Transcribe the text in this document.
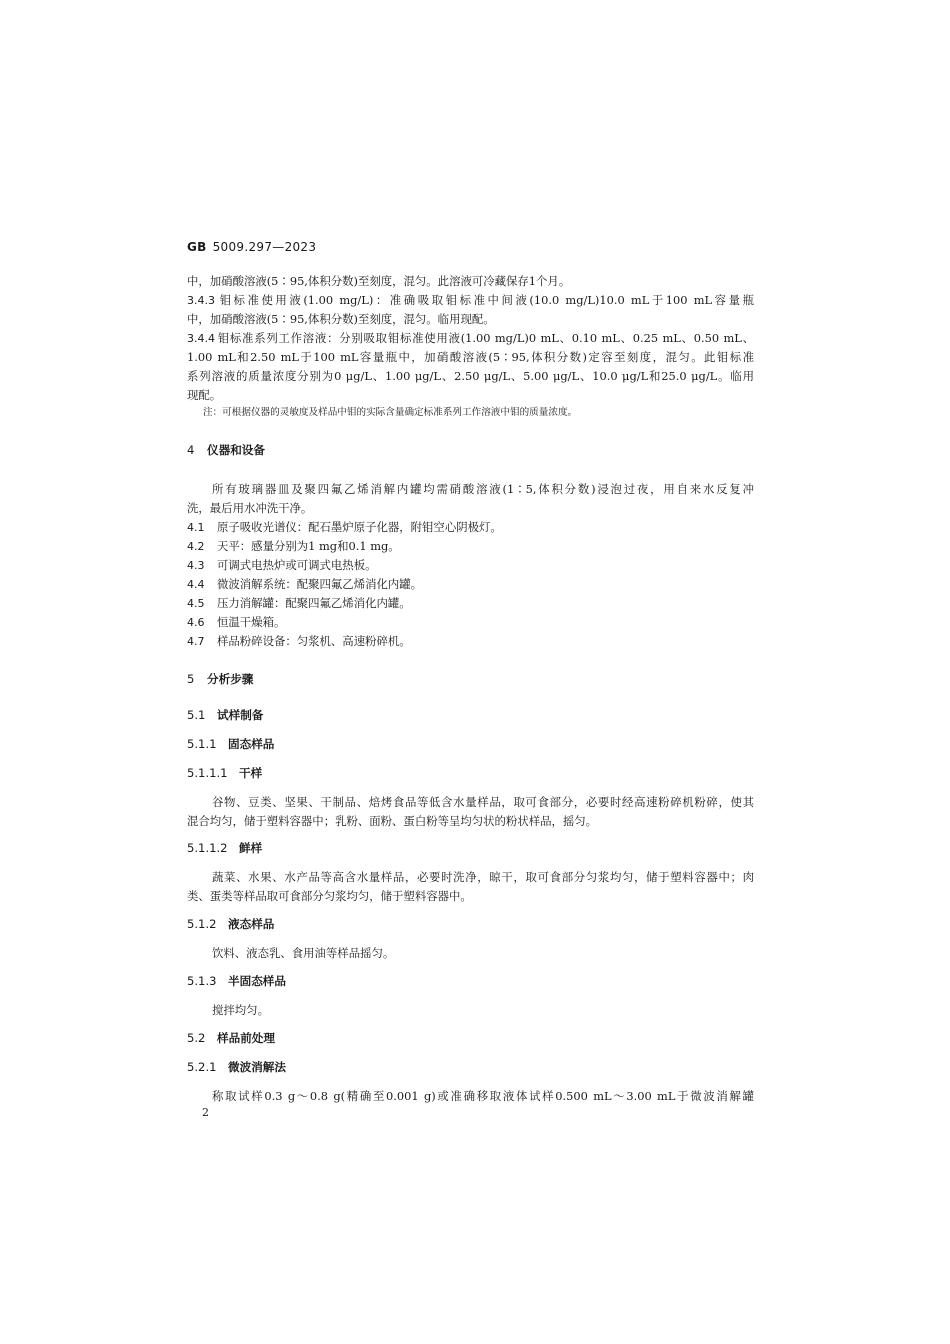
GB 5009.297—2023
中，加硝酸溶液(5∶95,体积分数)至刻度，混匀。此溶液可冷藏保存1个月。
3.4.3 钼标准使用液(1.00 mg/L)：准确吸取钼标准中间液(10.0 mg/L)10.0 mL于100 mL容量瓶
中，加硝酸溶液(5∶95,体积分数)至刻度，混匀。临用现配。
3.4.4 钼标准系列工作溶液：分别吸取钼标准使用液(1.00 mg/L)0 mL、0.10 mL、0.25 mL、0.50 mL、
1.00 mL和2.50 mL于100 mL容量瓶中，加硝酸溶液(5∶95,体积分数)定容至刻度，混匀。此钼标准
系列溶液的质量浓度分别为0 μg/L、1.00 μg/L、2.50 μg/L、5.00 μg/L、10.0 μg/L和25.0 μg/L。临用
现配。
注：可根据仪器的灵敏度及样品中钼的实际含量确定标准系列工作溶液中钼的质量浓度。
4 仪器和设备
所有玻璃器皿及聚四氟乙烯消解内罐均需硝酸溶液(1∶5,体积分数)浸泡过夜，用自来水反复冲
洗，最后用水冲洗干净。
4.1 原子吸收光谱仪：配石墨炉原子化器，附钼空心阴极灯。
4.2 天平：感量分别为1 mg和0.1 mg。
4.3 可调式电热炉或可调式电热板。
4.4 微波消解系统：配聚四氟乙烯消化内罐。
4.5 压力消解罐：配聚四氟乙烯消化内罐。
4.6 恒温干燥箱。
4.7 样品粉碎设备：匀浆机、高速粉碎机。
5 分析步骤
5.1 试样制备
5.1.1 固态样品
5.1.1.1 干样
谷物、豆类、坚果、干制品、焙烤食品等低含水量样品，取可食部分，必要时经高速粉碎机粉碎，使其
混合均匀，储于塑料容器中；乳粉、面粉、蛋白粉等呈均匀状的粉状样品，摇匀。
5.1.1.2 鲜样
蔬菜、水果、水产品等高含水量样品，必要时洗净，晾干，取可食部分匀浆均匀，储于塑料容器中；肉
类、蛋类等样品取可食部分匀浆均匀，储于塑料容器中。
5.1.2 液态样品
饮料、液态乳、食用油等样品摇匀。
5.1.3 半固态样品
搅拌均匀。
5.2 样品前处理
5.2.1 微波消解法
称取试样0.3 g～0.8 g(精确至0.001 g)或准确移取液体试样0.500 mL～3.00 mL于微波消解罐
2
